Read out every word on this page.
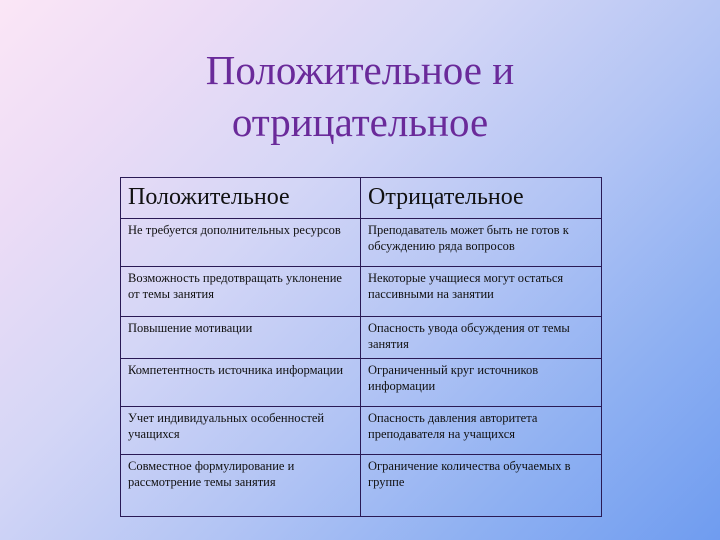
Положительное и
отрицательное
Положительное	Отрицательное
Не требуется дополнительных ресурсов	Преподаватель может быть не готов к обсуждению ряда вопросов
Возможность предотвращать уклонение от темы занятия	Некоторые учащиеся могут остаться пассивными на занятии
Повышение мотивации	Опасность увода обсуждения от темы занятия
Компетентность источника информации	Ограниченный круг источников информации
Учет индивидуальных особенностей учащихся	Опасность давления авторитета преподавателя на учащихся
Совместное формулирование и рассмотрение темы занятия	Ограничение количества обучаемых в группе
